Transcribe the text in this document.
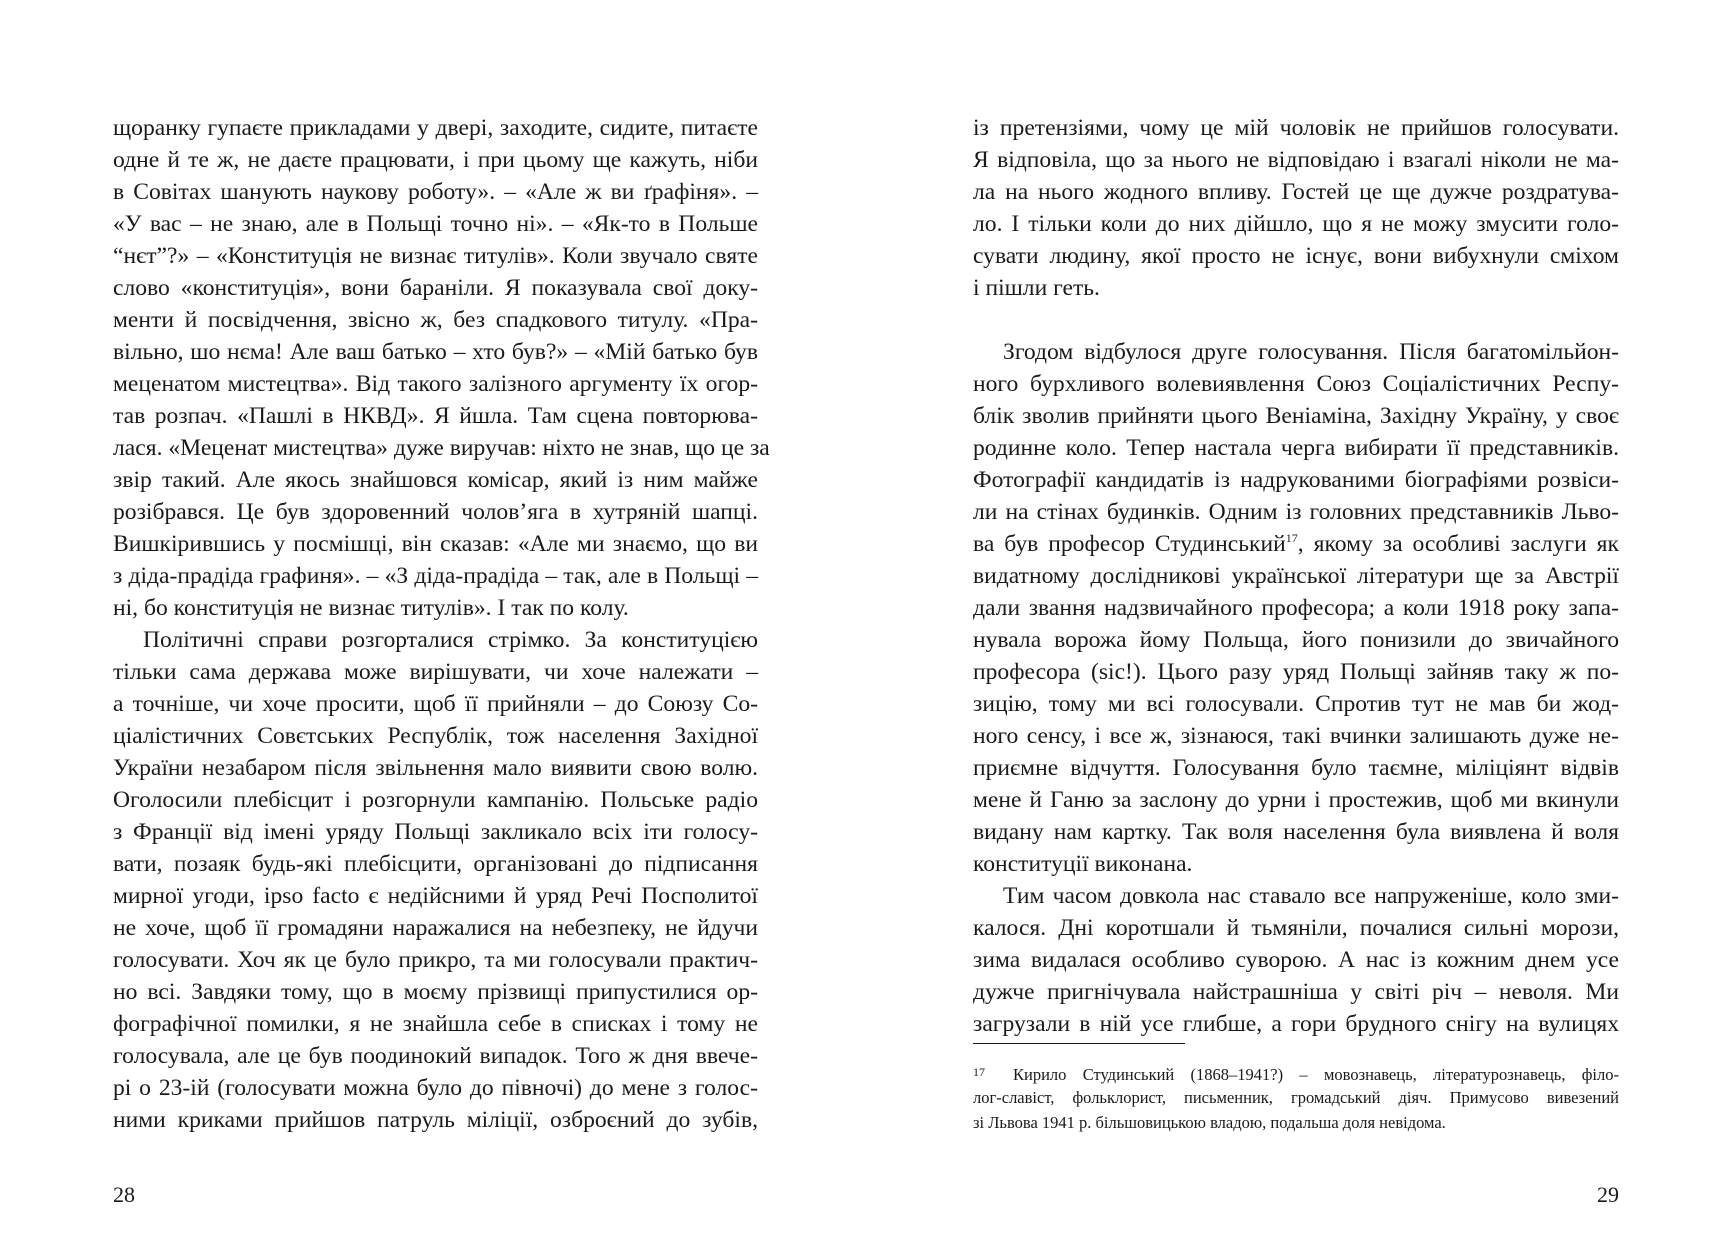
щоранку гупаєте прикладами у двері, заходите, сидите, питаєте
одне й те ж, не даєте працювати, і при цьому ще кажуть, ніби
в Совітах шанують наукову роботу». – «Але ж ви ґрафіня». –
«У вас – не знаю, але в Польщі точно ні». – «Як-то в Польше
“нєт”?» – «Конституція не визнає титулів». Коли звучало святе
слово «конституція», вони бараніли. Я показувала свої доку-
менти й посвідчення, звісно ж, без спадкового титулу. «Пра-
вільно, шо нєма! Але ваш батько – хто був?» – «Мій батько був
меценатом мистецтва». Від такого залізного аргументу їх огор-
тав розпач. «Пашлі в НКВД». Я йшла. Там сцена повторюва-
лася. «Меценат мистецтва» дуже виручав: ніхто не знав, що це за
звір такий. Але якось знайшовся комісар, який із ним майже
розібрався. Це був здоровенний чолов’яга в хутряній шапці.
Вишкірившись у посмішці, він сказав: «Але ми знаємо, що ви
з діда-прадіда графиня». – «З діда-прадіда – так, але в Польщі –
ні, бо конституція не визнає титулів». І так по колу.
Політичні справи розгорталися стрімко. За конституцією
тільки сама держава може вирішувати, чи хоче належати –
а точніше, чи хоче просити, щоб її прийняли – до Союзу Со-
ціалістичних Совєтських Республік, тож населення Західної
України незабаром після звільнення мало виявити свою волю.
Оголосили плебісцит і розгорнули кампанію. Польське радіо
з Франції від імені уряду Польщі закликало всіх іти голосу-
вати, позаяк будь-які плебісцити, організовані до підписання
мирної угоди, ipso facto є недійсними й уряд Речі Посполитої
не хоче, щоб її громадяни наражалися на небезпеку, не йдучи
голосувати. Хоч як це було прикро, та ми голосували практич-
но всі. Завдяки тому, що в моєму прізвищі припустилися ор-
фографічної помилки, я не знайшла себе в списках і тому не
голосувала, але це був поодинокий випадок. Того ж дня ввече-
рі о 23-ій (голосувати можна було до півночі) до мене з голос-
ними криками прийшов патруль міліції, озброєний до зубів,
28
із претензіями, чому це мій чоловік не прийшов голосувати.
Я відповіла, що за нього не відповідаю і взагалі ніколи не ма-
ла на нього жодного впливу. Гостей це ще дужче роздратува-
ло. І тільки коли до них дійшло, що я не можу змусити голо-
сувати людину, якої просто не існує, вони вибухнули сміхом
і пішли геть.
Згодом відбулося друге голосування. Після багатомільйон-
ного бурхливого волевиявлення Союз Соціалістичних Респу-
блік зволив прийняти цього Веніаміна, Західну Україну, у своє
родинне коло. Тепер настала черга вибирати її представників.
Фотографії кандидатів із надрукованими біографіями розвіси-
ли на стінах будинків. Одним із головних представників Льво-
ва був професор Студинський$^{17}$, якому за особливі заслуги як
видатному дослідникові української літератури ще за Австрії
дали звання надзвичайного професора; а коли 1918 року запа-
нувала ворожа йому Польща, його понизили до звичайного
професора (sic!). Цього разу уряд Польщі зайняв таку ж по-
зицію, тому ми всі голосували. Спротив тут не мав би жод-
ного сенсу, і все ж, зізнаюся, такі вчинки залишають дуже не-
приємне відчуття. Голосування було таємне, міліціянт відвів
мене й Ганю за заслону до урни і простежив, щоб ми вкинули
видану нам картку. Так воля населення була виявлена й воля
конституції виконана.
Тим часом довкола нас ставало все напруженіше, коло зми-
калося. Дні коротшали й тьмяніли, почалися сильні морози,
зима видалася особливо суворою. А нас із кожним днем усе
дужче пригнічувала найстрашніша у світі річ – неволя. Ми
загрузали в ній усе глибше, а гори брудного снігу на вулицях
17 Кирило Студинський (1868–1941?) – мовознавець, літературознавець, філо-
лог-славіст, фольклорист, письменник, громадський діяч. Примусово вивезений
зі Львова 1941 р. більшовицькою владою, подальша доля невідома.
29
